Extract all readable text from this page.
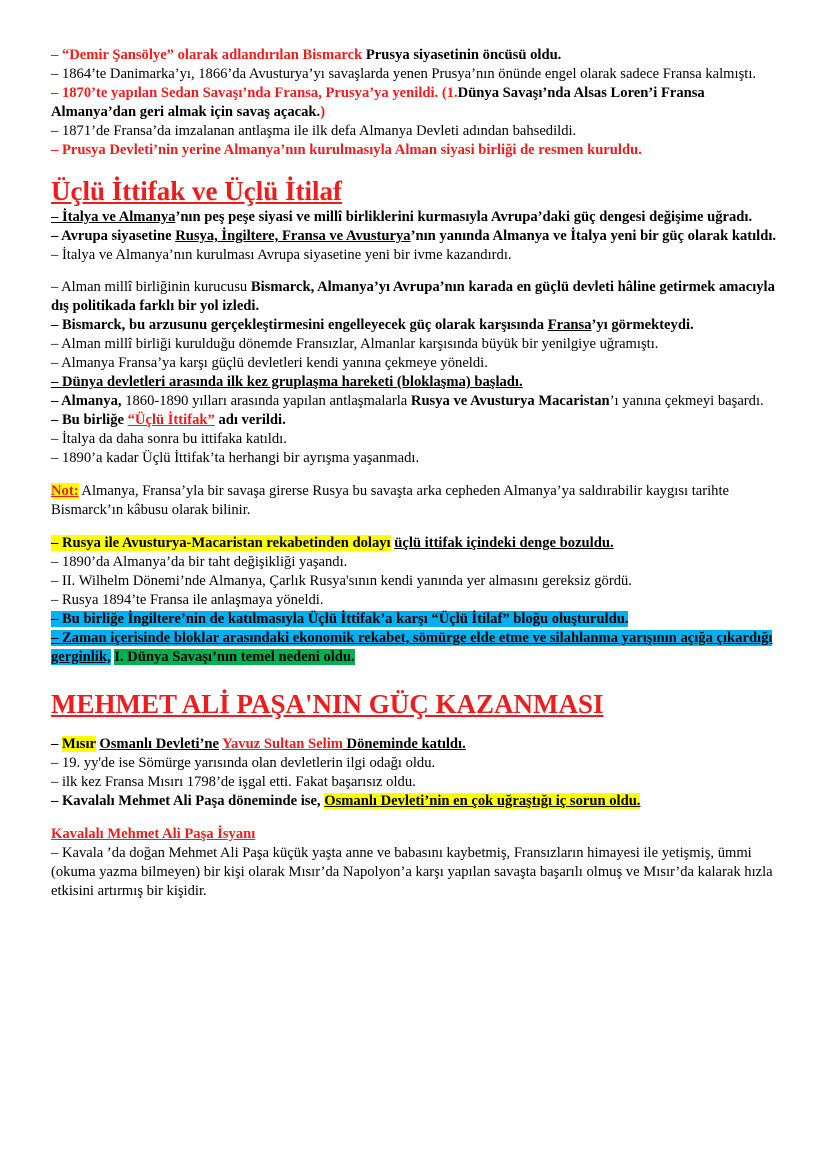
– “Demir Şansölye” olarak adlandırılan Bismarck Prusya siyasetinin öncüsü oldu.

– 1864’te Danimarka’yı, 1866’da Avusturya’yı savaşlarda yenen Prusya’nın önünde engel olarak sadece Fransa kalmıştı.

– 1870’te yapılan Sedan Savaşı’nda Fransa, Prusya’ya yenildi. (1.Dünya Savaşı’nda Alsas Loren’i Fransa Almanya’dan geri almak için savaş açacak.)

– 1871’de Fransa’da imzalanan antlaşma ile ilk defa Almanya Devleti adından bahsedildi.

– Prusya Devleti’nin yerine Almanya’nın kurulmasıyla Alman siyasi birliği de resmen kuruldu.

Üçlü İttifak ve Üçlü İtilaf

– İtalya ve Almanya’nın peş peşe siyasi ve millî birliklerini kurmasıyla Avrupa’daki güç dengesi değişime uğradı.

– Avrupa siyasetine Rusya, İngiltere, Fransa ve Avusturya’nın yanında Almanya ve İtalya yeni bir güç olarak katıldı.

– İtalya ve Almanya’nın kurulması Avrupa siyasetine yeni bir ivme kazandırdı.

– Alman millî birliğinin kurucusu Bismarck, Almanya’yı Avrupa’nın karada en güçlü devleti hâline getirmek amacıyla dış politikada farklı bir yol izledi.

– Bismarck, bu arzusunu gerçekleştirmesini engelleyecek güç olarak karşısında Fransa’yı görmekteydi.

– Alman millî birliği kurulduğu dönemde Fransızlar, Almanlar karşısında büyük bir yenilgiye uğramıştı.

– Almanya Fransa’ya karşı güçlü devletleri kendi yanına çekmeye yöneldi.

– Dünya devletleri arasında ilk kez gruplaşma hareketi (bloklaşma) başladı.

– Almanya, 1860-1890 yılları arasında yapılan antlaşmalarla Rusya ve Avusturya Macaristan’ı yanına çekmeyi başardı.

– Bu birliğe “Üçlü İttifak” adı verildi.

– İtalya da daha sonra bu ittifaka katıldı.

– 1890’a kadar Üçlü İttifak’ta herhangi bir ayrışma yaşanmadı.

Not: Almanya, Fransa’yla bir savaşa girerse Rusya bu savaşta arka cepheden Almanya’ya saldırabilir kaygısı tarihte Bismarck’ın kâbusu olarak bilinir.

– Rusya ile Avusturya-Macaristan rekabetinden dolayı üçlü ittifak içindeki denge bozuldu.

– 1890’da Almanya’da bir taht değişikliği yaşandı.

– II. Wilhelm Dönemi’nde Almanya, Çarlık Rusya'sının kendi yanında yer almasını gereksiz gördü.

– Rusya 1894’te Fransa ile anlaşmaya yöneldi.

– Bu birliğe İngiltere’nin de katılmasıyla Üçlü İttifak’a karşı “Üçlü İtilaf” bloğu oluşturuldu.

– Zaman içerisinde bloklar arasındaki ekonomik rekabet, sömürge elde etme ve silahlanma yarışının açığa çıkardığı gerginlik, I. Dünya Savaşı’nın temel nedeni oldu.

MEHMET ALİ PAŞA'NIN GÜÇ KAZANMASI

– Mısır Osmanlı Devleti’ne Yavuz Sultan Selim Döneminde katıldı.

– 19. yy'de ise Sömürge yarısında olan devletlerin ilgi odağı oldu.

– ilk kez Fransa Mısırı 1798’de işgal etti. Fakat başarısız oldu.

– Kavalalı Mehmet Ali Paşa döneminde ise, Osmanlı Devleti’nin en çok uğraştığı iç sorun oldu.

Kavalalı Mehmet Ali Paşa İsyanı

– Kavala ’da doğan Mehmet Ali Paşa küçük yaşta anne ve babasını kaybetmiş, Fransızların himayesi ile yetişmiş, ümmi (okuma yazma bilmeyen) bir kişi olarak Mısır’da Napolyon’a karşı yapılan savaşta başarılı olmuş ve Mısır’da kalarak hızla etkisini artırmış bir kişidir.
